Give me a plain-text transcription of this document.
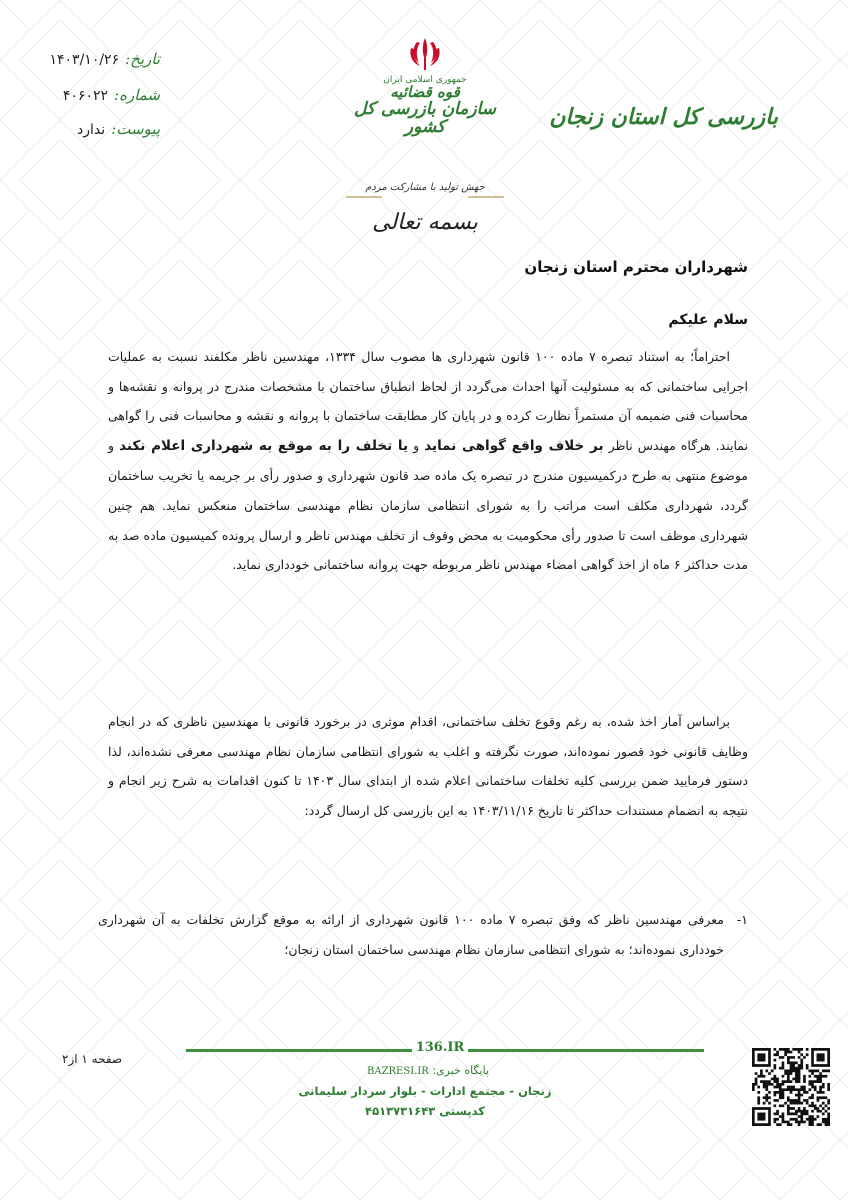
تاریخ:۱۴۰۳/۱۰/۲۶
شماره:۴۰۶۰۲۲
پیوست:ندارد
جمهوری اسلامی ایران
قوه قضائیه
سازمان بازرسی کل کشور
جهش تولید با مشارکت مردم
بسمه تعالی
بازرسی کل استان زنجان
شهرداران محترم استان زنجان
سلام علیکم

احتراماً؛ به استناد تبصره ۷ ماده ۱۰۰ قانون شهرداری ها مصوب سال ۱۳۳۴، مهندسین ناظر مکلفند نسبت به عملیات اجرایی ساختمانی که به مسئولیت آنها احداث می‌گردد از لحاظ انطباق ساختمان با مشخصات مندرج در پروانه و نقشه‌ها و محاسبات فنی ضمیمه آن مستمراً نظارت کرده و در پایان کار مطابقت ساختمان با پروانه و نقشه و محاسبات فنی را گواهی نمایند. هرگاه مهندس ناظر بر خلاف واقع گواهی نماید و یا تخلف را به موقع به شهرداری اعلام نکند و موضوع منتهی به طرح درکمیسیون مندرج در تبصره یک ماده صد قانون شهرداری و صدور رأی بر جریمه یا تخریب ساختمان گردد، شهرداری مکلف است مراتب را به شورای انتظامی سازمان نظام مهندسی ساختمان منعکس نماید. هم چنین شهرداری موظف است تا صدور رأی محکومیت به محض وقوف از تخلف مهندس ناظر و ارسال پرونده کمیسیون ماده صد به مدت حداکثر ۶ ماه از اخذ گواهی امضاء مهندس ناظر مربوطه جهت پروانه ساختمانی خودداری نماید.

براساس آمار اخذ شده، به رغم وقوع تخلف ساختمانی، اقدام موثری در برخورد قانونی با مهندسین ناظری که در انجام وظایف قانونی خود قصور نموده‌اند، صورت نگرفته و اغلب به شورای انتظامی سازمان نظام مهندسی معرفی نشده‌اند، لذا دستور فرمایید ضمن بررسی کلیه تخلفات ساختمانی اعلام شده از ابتدای سال ۱۴۰۳ تا کنون اقدامات به شرح زیر انجام و نتیجه به انضمام مستندات حداکثر تا تاریخ ۱۴۰۳/۱۱/۱۶ به این بازرسی کل ارسال گردد:

۱-
معرفی مهندسین ناظر که وفق تبصره ۷ ماده ۱۰۰ قانون شهرداری از ارائه به موقع گزارش تخلفات به آن شهرداری خودداری نموده‌اند؛ به شورای انتظامی سازمان نظام مهندسی ساختمان استان زنجان؛
صفحه ۱ از۲
136.IR
پایگاه خبری: BAZRESI.IR
زنجان - مجتمع ادارات - بلوار سردار سلیمانی
کدپستی ۴۵۱۳۷۳۱۶۴۳
